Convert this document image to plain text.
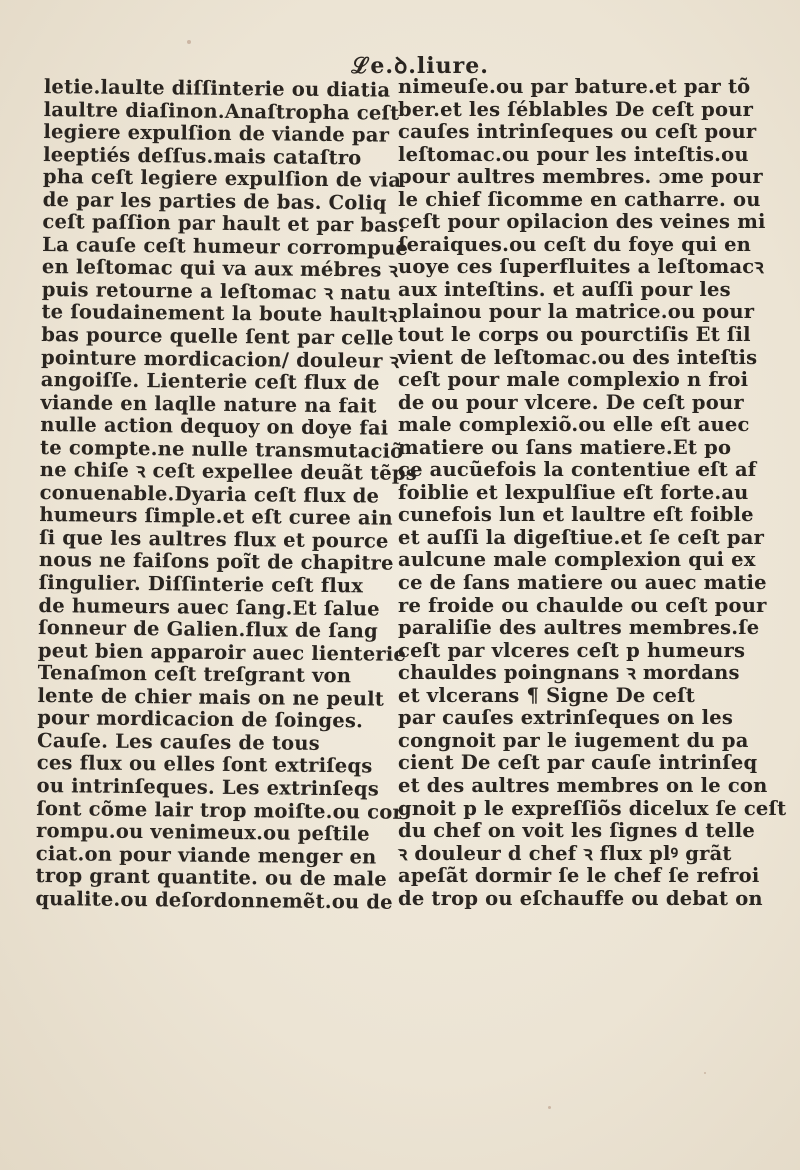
ℒe.ꝺ.liure.
letie.laulte diſſinterie ou diatia
laultre diaſinon.Anaſtropha ceſt
legiere expulſion de viande par
leeptiés deſſus.mais cataſtro
pha ceſt legiere expulſion de via
de par les parties de bas. Coliq
ceſt paſſion par hault et par bas.
La cauſe ceſt humeur corrompue
en leſtomac qui va aux mébres ꝛ
puis retourne a leſtomac ꝛ natu
te ſoudainement la boute haultꝛ
bas pource quelle ſent par celle
pointure mordicacion/ douleur ꝛ
angoiſſe. Lienterie ceſt flux de
viande en laqlle nature na fait
nulle action dequoy on doye fai
te compte.ne nulle transmutaciõ
ne chiſe ꝛ ceſt expellee deuãt tẽps
conuenable.Dyaria ceſt flux de
humeurs ſimple.et eſt curee ain
ſi que les aultres flux et pource
nous ne faiſons poĩt de chapitre
ſingulier. Diſſinterie ceſt flux
de humeurs auec ſang.Et ſalue
ſonneur de Galien.flux de ſang
peut bien apparoir auec lienterie
Tenaſmon ceſt treſgrant von
lente de chier mais on ne peult
pour mordicacion de ſoinges.
Cauſe. Les cauſes de tous
ces flux ou elles ſont extriſeqs
ou intrinſeques. Les extrinſeqs
ſont cõme lair trop moiſte.ou cor
rompu.ou venimeux.ou peſtile
ciat.on pour viande menger en
trop grant quantite. ou de male
qualite.ou deſordonnemẽt.ou de
nimeuſe.ou par bature.et par tõ
ber.et les ſéblables De ceſt pour
cauſes intrinſeques ou ceſt pour
leſtomac.ou pour les inteſtis.ou
pour aultres membres. ɔme pour
le chief ſicomme en catharre. ou
ceſt pour opilacion des veines mi
ſeraiques.ou ceſt du foye qui en
uoye ces ſuperfluites a leſtomacꝛ
aux inteſtins. et auſſi pour les
plainou pour la matrice.ou pour
tout le corps ou pourctiſis Et ſil
vient de leſtomac.ou des inteſtis
ceſt pour male complexio n froi
de ou pour vlcere. De ceſt pour
male complexiõ.ou elle eſt auec
matiere ou ſans matiere.Et po
ce aucũefois la contentiue eſt af
foiblie et lexpulſiue eſt forte.au
cunefois lun et laultre eſt foible
et auſſi la digeſtiue.et ſe ceſt par
aulcune male complexion qui ex
ce de ſans matiere ou auec matie
re froide ou chaulde ou ceſt pour
paraliſie des aultres membres.ſe
ceſt par vlceres ceſt p humeurs
chauldes poingnans ꝛ mordans
et vlcerans ¶ Signe De ceſt
par cauſes extrinſeques on les
congnoit par le iugement du pa
cient De ceſt par cauſe intrinſeq
et des aultres membres on le con
gnoit p le expreſſiõs dicelux ſe ceſt
du chef on voit les ſignes d telle
ꝛ douleur d chef ꝛ flux plꝰ grãt
apeſãt dormir ſe le chef ſe refroi
de trop ou eſchauffe ou debat on
